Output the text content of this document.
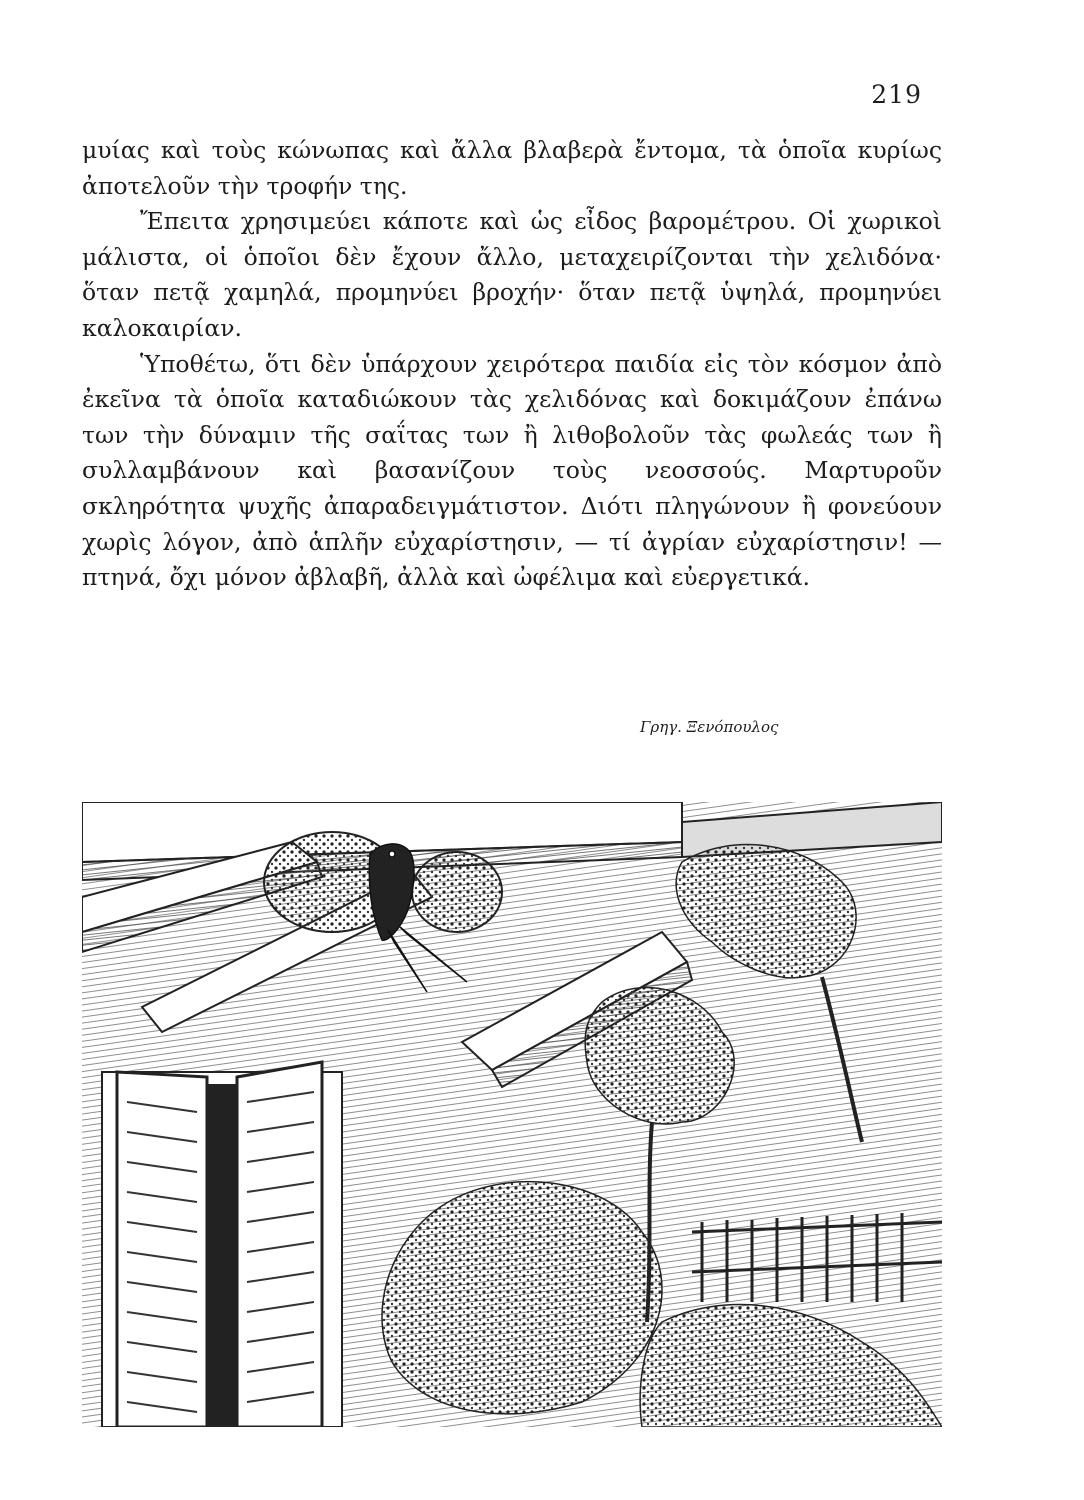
219

μυίας καὶ τοὺς κώνωπας καὶ ἄλλα βλαβερὰ ἔντομα, τὰ ὁποῖα κυρίως ἀποτελοῦν τὴν τροφήν της.

Ἔπειτα χρησιμεύει κάποτε καὶ ὡς εἶδος βαρομέτρου. Οἱ χωρικοὶ μάλιστα, οἱ ὁποῖοι δὲν ἔχουν ἄλλο, μεταχειρίζονται τὴν χελιδόνα· ὅταν πετᾷ χαμηλά, προμηνύει βροχήν· ὅταν πετᾷ ὑψηλά, προμηνύει καλοκαιρίαν.

Ὑποθέτω, ὅτι δὲν ὑπάρχουν χειρότερα παιδία εἰς τὸν κόσμον ἀπὸ ἐκεῖνα τὰ ὁποῖα καταδιώκουν τὰς χελιδόνας καὶ δοκιμάζουν ἐπάνω των τὴν δύναμιν τῆς σαΐτας των ἢ λιθοβολοῦν τὰς φωλεάς των ἢ συλλαμβάνουν καὶ βασανίζουν τοὺς νεοσσούς. Μαρτυροῦν σκληρότητα ψυχῆς ἀπαραδειγμάτιστον. Διότι πληγώνουν ἢ φονεύουν χωρὶς λόγον, ἀπὸ ἁπλῆν εὐχαρίστησιν, — τί ἀγρίαν εὐχαρίστησιν! — πτηνά, ὄχι μόνον ἀβλαβῆ, ἀλλὰ καὶ ὠφέλιμα καὶ εὐεργετικά.

Γρηγ. Ξενόπουλος
